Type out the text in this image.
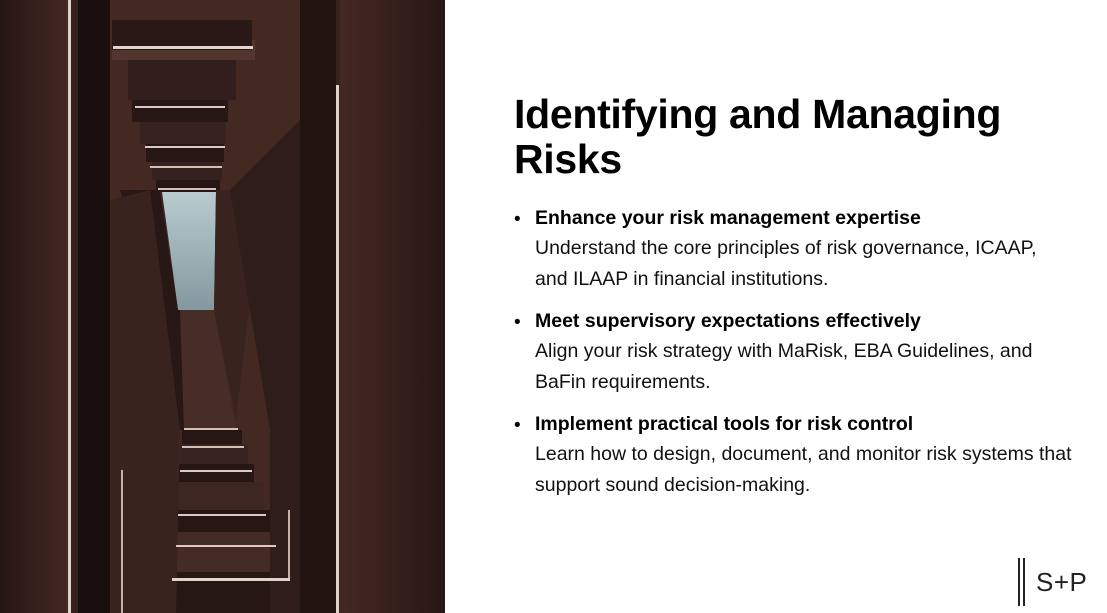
Identifying and Managing Risks
• Enhance your risk management expertise
Understand the core principles of risk governance, ICAAP, and ILAAP in financial institutions.
• Meet supervisory expectations effectively
Align your risk strategy with MaRisk, EBA Guidelines, and BaFin requirements.
• Implement practical tools for risk control
Learn how to design, document, and monitor risk systems that support sound decision-making.
S+P
